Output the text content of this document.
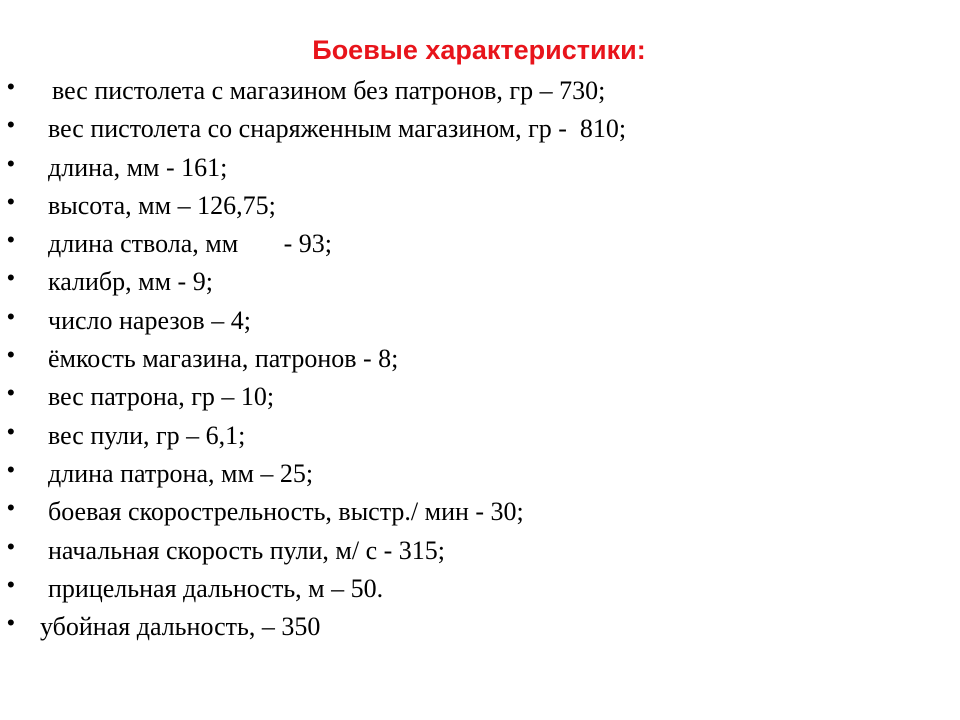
Боевые характеристики:
• вес пистолета с магазином без патронов, гр – 730;
• вес пистолета со снаряженным магазином, гр -  810;
• длина, мм - 161;
• высота, мм – 126,75;
• длина ствола, мм       - 93;
• калибр, мм - 9;
• число нарезов – 4;
• ёмкость магазина, патронов - 8;
• вес патрона, гр – 10;
• вес пули, гр – 6,1;
• длина патрона, мм – 25;
• боевая скорострельность, выстр./ мин - 30;
• начальная скорость пули, м/ с - 315;
• прицельная дальность, м – 50.
• убойная дальность, – 350
